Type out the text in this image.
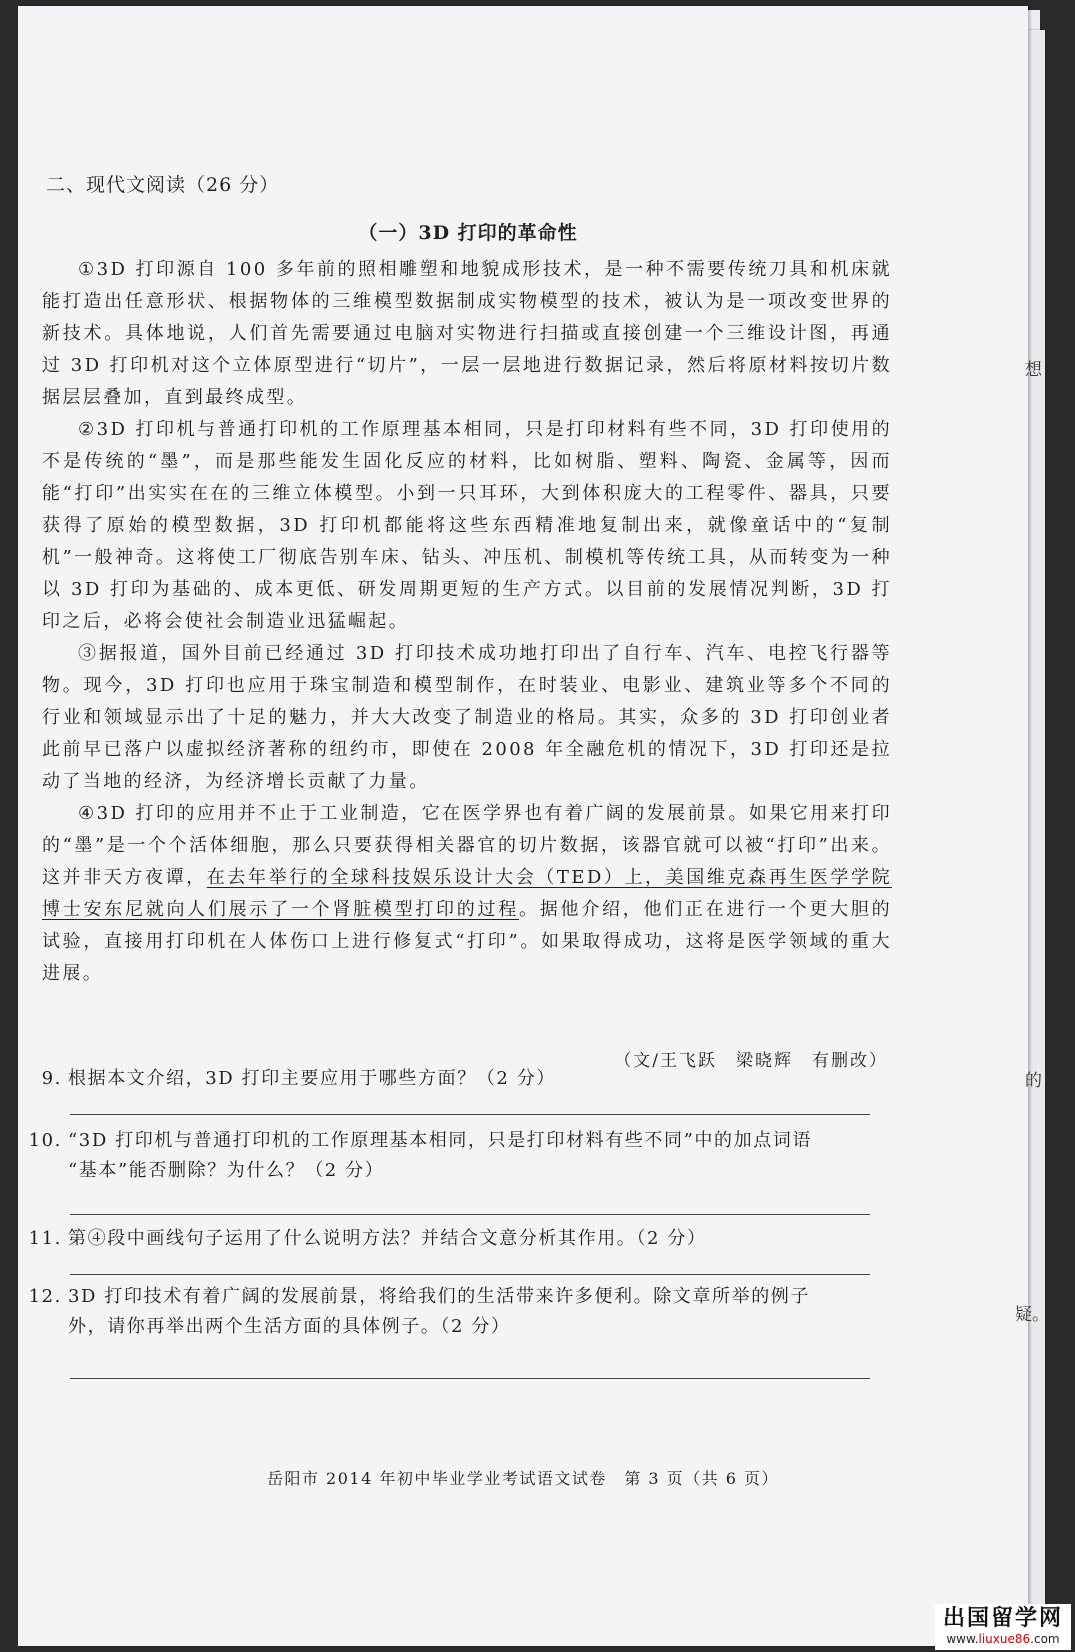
想
的
疑。
二、现代文阅读（26 分）
（一）3D 打印的革命性

①3D 打印源自 100 多年前的照相雕塑和地貌成形技术，是一种不需要传统刀具和机床就能打造出任意形状、根据物体的三维模型数据制成实物模型的技术，被认为是一项改变世界的新技术。具体地说，人们首先需要通过电脑对实物进行扫描或直接创建一个三维设计图，再通过 3D 打印机对这个立体原型进行“切片”，一层一层地进行数据记录，然后将原材料按切片数据层层叠加，直到最终成型。

②3D 打印机与普通打印机的工作原理基本相同，只是打印材料有些不同，3D 打印使用的不是传统的“墨”，而是那些能发生固化反应的材料，比如树脂、塑料、陶瓷、金属等，因而能“打印”出实实在在的三维立体模型。小到一只耳环，大到体积庞大的工程零件、器具，只要获得了原始的模型数据，3D 打印机都能将这些东西精准地复制出来，就像童话中的“复制机”一般神奇。这将使工厂彻底告别车床、钻头、冲压机、制模机等传统工具，从而转变为一种以 3D 打印为基础的、成本更低、研发周期更短的生产方式。以目前的发展情况判断，3D 打印之后，必将会使社会制造业迅猛崛起。

③据报道，国外目前已经通过 3D 打印技术成功地打印出了自行车、汽车、电控飞行器等物。现今，3D 打印也应用于珠宝制造和模型制作，在时装业、电影业、建筑业等多个不同的行业和领域显示出了十足的魅力，并大大改变了制造业的格局。其实，众多的 3D 打印创业者此前早已落户以虚拟经济著称的纽约市，即使在 2008 年全融危机的情况下，3D 打印还是拉动了当地的经济，为经济增长贡献了力量。

④3D 打印的应用并不止于工业制造，它在医学界也有着广阔的发展前景。如果它用来打印的“墨”是一个个活体细胞，那么只要获得相关器官的切片数据，该器官就可以被“打印”出来。这并非天方夜谭，在去年举行的全球科技娱乐设计大会（TED）上，美国维克森再生医学学院博士安东尼就向人们展示了一个肾脏模型打印的过程。据他介绍，他们正在进行一个更大胆的试验，直接用打印机在人体伤口上进行修复式“打印”。如果取得成功，这将是医学领域的重大进展。

（文/王飞跃　梁晓辉　有删改）
9. 根据本文介绍，3D 打印主要应用于哪些方面？（2 分）
10. “3D 打印机与普通打印机的工作原理基本相同，只是打印材料有些不同”中的加点词语
“基本”能否删除？为什么？（2 分）
11. 第④段中画线句子运用了什么说明方法？并结合文意分析其作用。（2 分）
12. 3D 打印技术有着广阔的发展前景，将给我们的生活带来许多便利。除文章所举的例子
外，请你再举出两个生活方面的具体例子。（2 分）
岳阳市 2014 年初中毕业学业考试语文试卷　第 3 页（共 6 页）
出国留学网
www.liuxue86.com
